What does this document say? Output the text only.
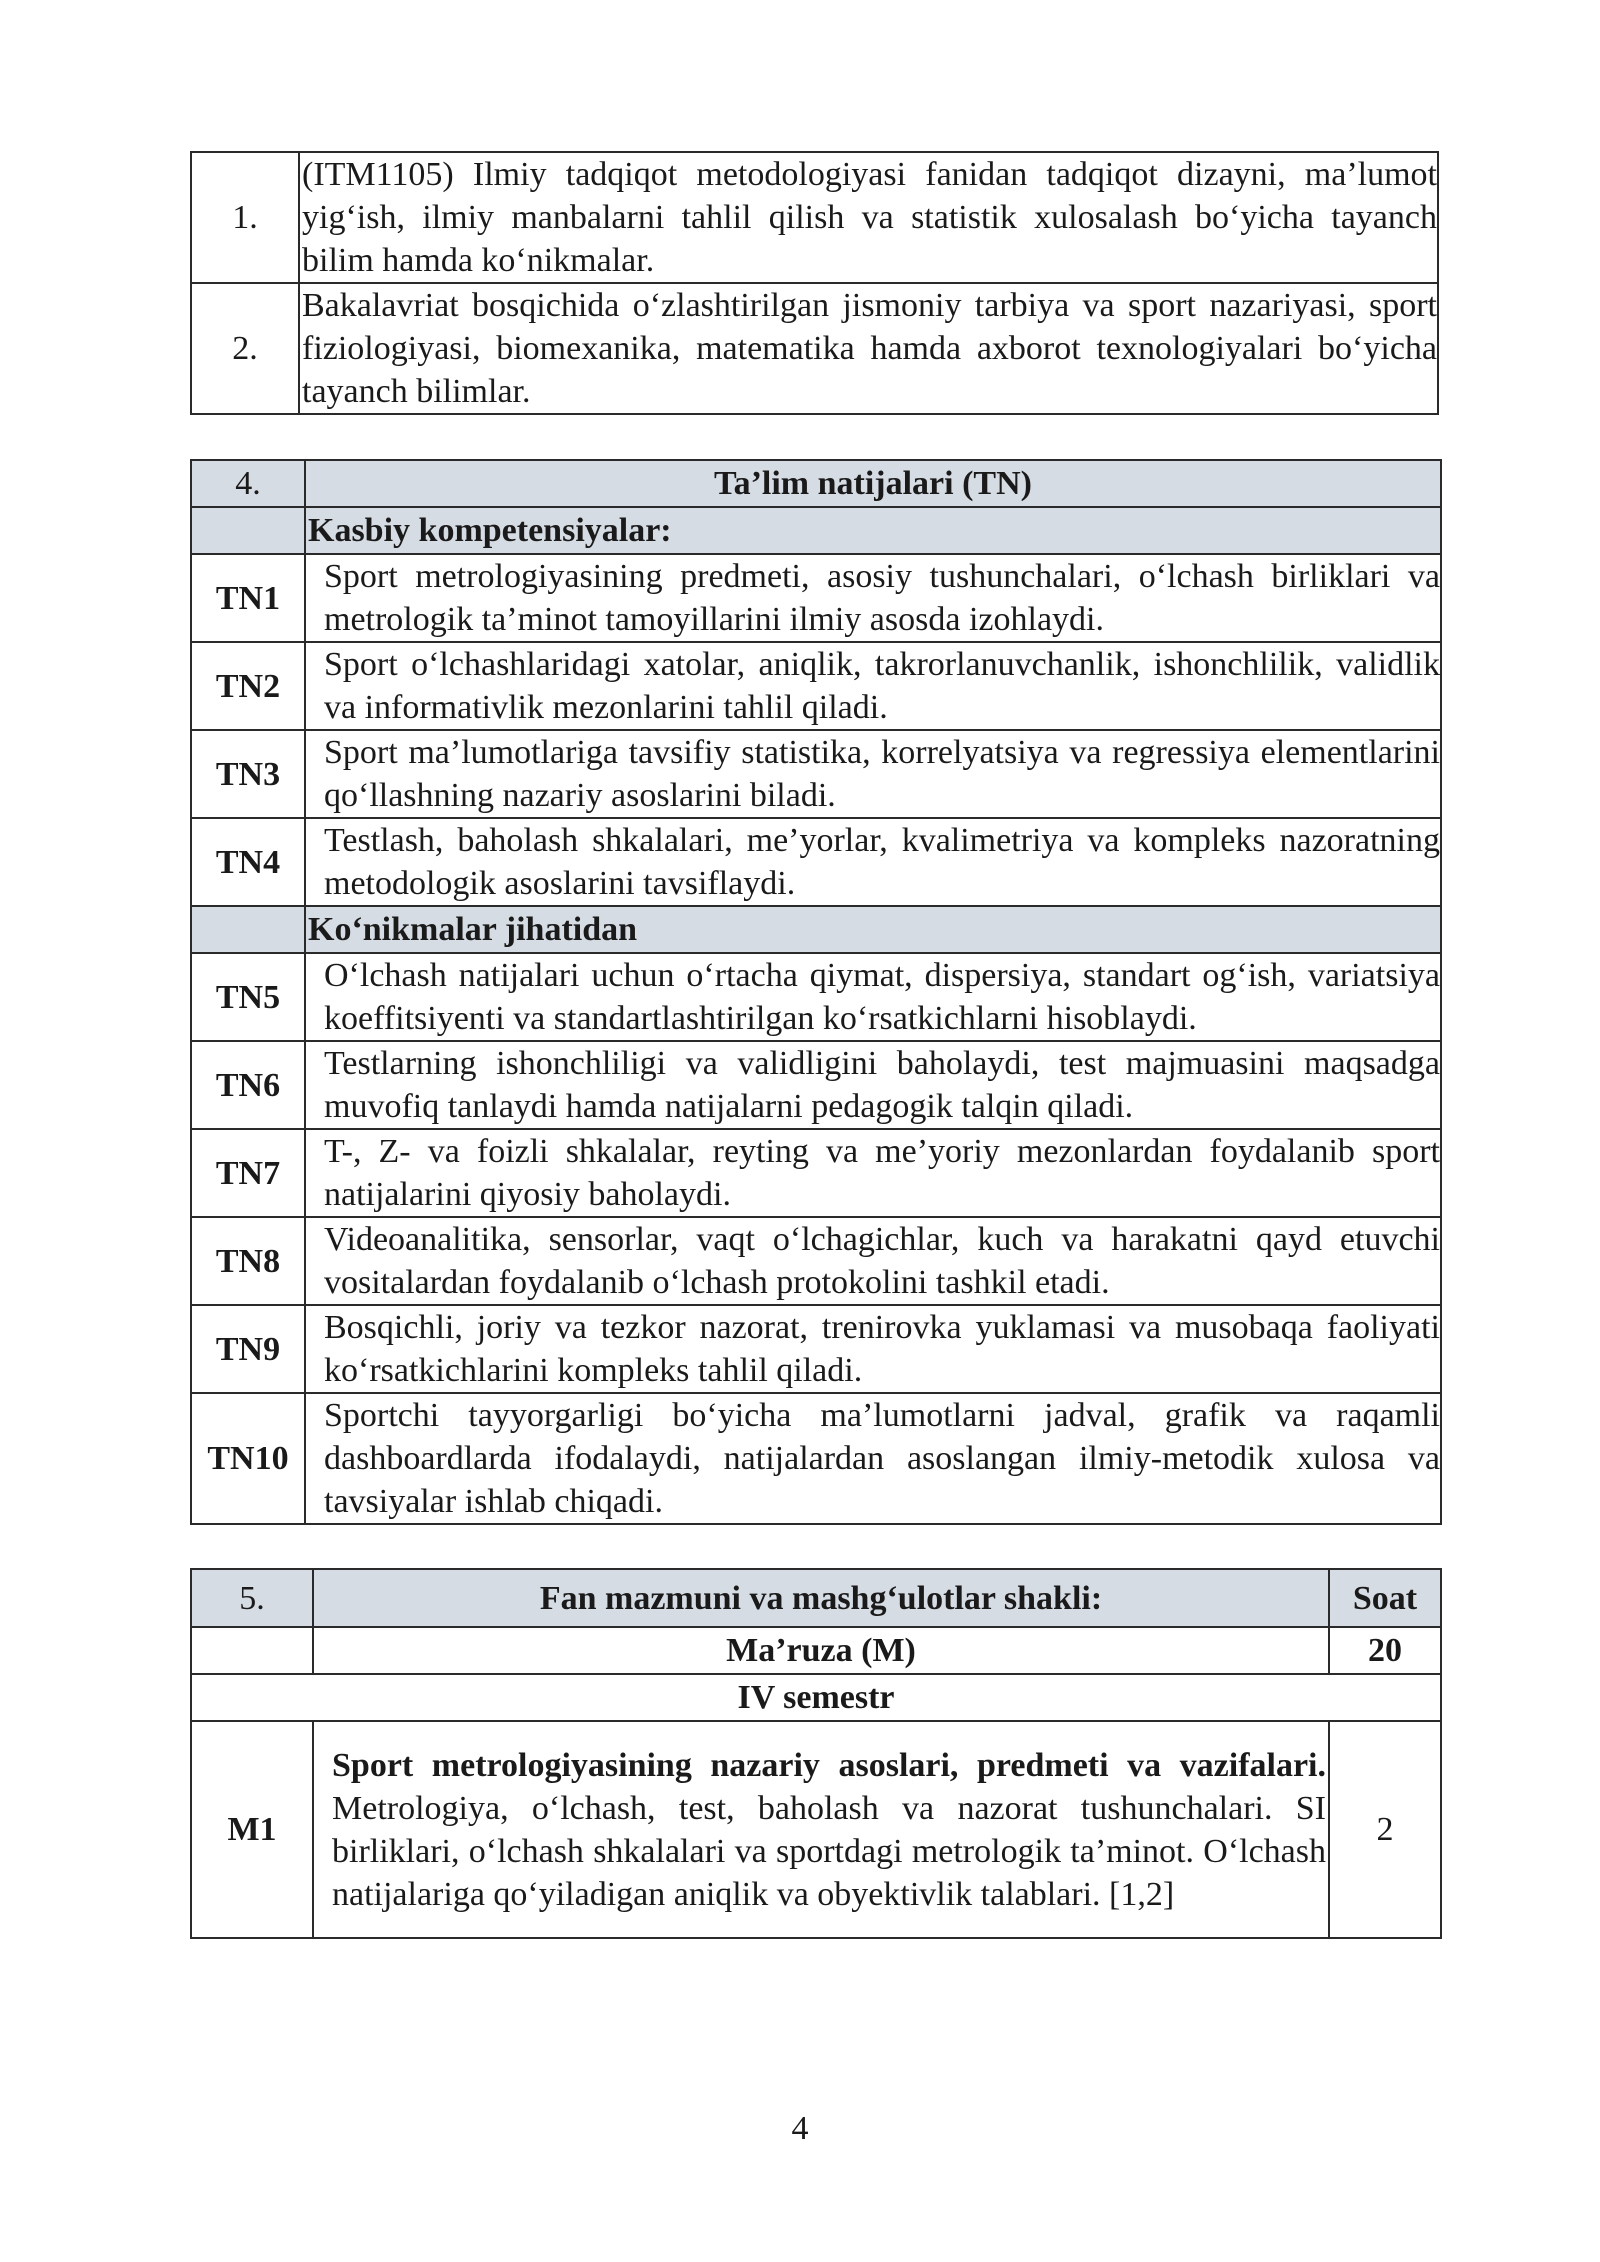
1.	(ITM1105) Ilmiy tadqiqot metodologiyasi fanidan tadqiqot dizayni, ma’lumot yig‘ish, ilmiy manbalarni tahlil qilish va statistik xulosalash bo‘yicha tayanch bilim hamda ko‘nikmalar.
2.	Bakalavriat bosqichida o‘zlashtirilgan jismoniy tarbiya va sport nazariyasi, sport fiziologiyasi, biomexanika, matematika hamda axborot texnologiyalari bo‘yicha tayanch bilimlar.
4.	Ta’lim natijalari (TN)
	Kasbiy kompetensiyalar:
TN1	Sport metrologiyasining predmeti, asosiy tushunchalari, o‘lchash birliklari va metrologik ta’minot tamoyillarini ilmiy asosda izohlaydi.
TN2	Sport o‘lchashlaridagi xatolar, aniqlik, takrorlanuvchanlik, ishonchlilik, validlik va informativlik mezonlarini tahlil qiladi.
TN3	Sport ma’lumotlariga tavsifiy statistika, korrelyatsiya va regressiya elementlarini qo‘llashning nazariy asoslarini biladi.
TN4	Testlash, baholash shkalalari, me’yorlar, kvalimetriya va kompleks nazoratning metodologik asoslarini tavsiflaydi.
	Ko‘nikmalar jihatidan
TN5	O‘lchash natijalari uchun o‘rtacha qiymat, dispersiya, standart og‘ish, variatsiya koeffitsiyenti va standartlashtirilgan ko‘rsatkichlarni hisoblaydi.
TN6	Testlarning ishonchliligi va validligini baholaydi, test majmuasini maqsadga muvofiq tanlaydi hamda natijalarni pedagogik talqin qiladi.
TN7	T-, Z- va foizli shkalalar, reyting va me’yoriy mezonlardan foydalanib sport natijalarini qiyosiy baholaydi.
TN8	Videoanalitika, sensorlar, vaqt o‘lchagichlar, kuch va harakatni qayd etuvchi vositalardan foydalanib o‘lchash protokolini tashkil etadi.
TN9	Bosqichli, joriy va tezkor nazorat, trenirovka yuklamasi va musobaqa faoliyati ko‘rsatkichlarini kompleks tahlil qiladi.
TN10	Sportchi tayyorgarligi bo‘yicha ma’lumotlarni jadval, grafik va raqamli dashboardlarda ifodalaydi, natijalardan asoslangan ilmiy-metodik xulosa va tavsiyalar ishlab chiqadi.
5.	Fan mazmuni va mashg‘ulotlar shakli:	Soat
	Ma’ruza (M)	20
IV semestr		
M1	Sport metrologiyasining nazariy asoslari, predmeti va vazifalari. Metrologiya, o‘lchash, test, baholash va nazorat tushunchalari. SI birliklari, o‘lchash shkalalari va sportdagi metrologik ta’minot. O‘lchash natijalariga qo‘yiladigan aniqlik va obyektivlik talablari. [1,2]	2
4
